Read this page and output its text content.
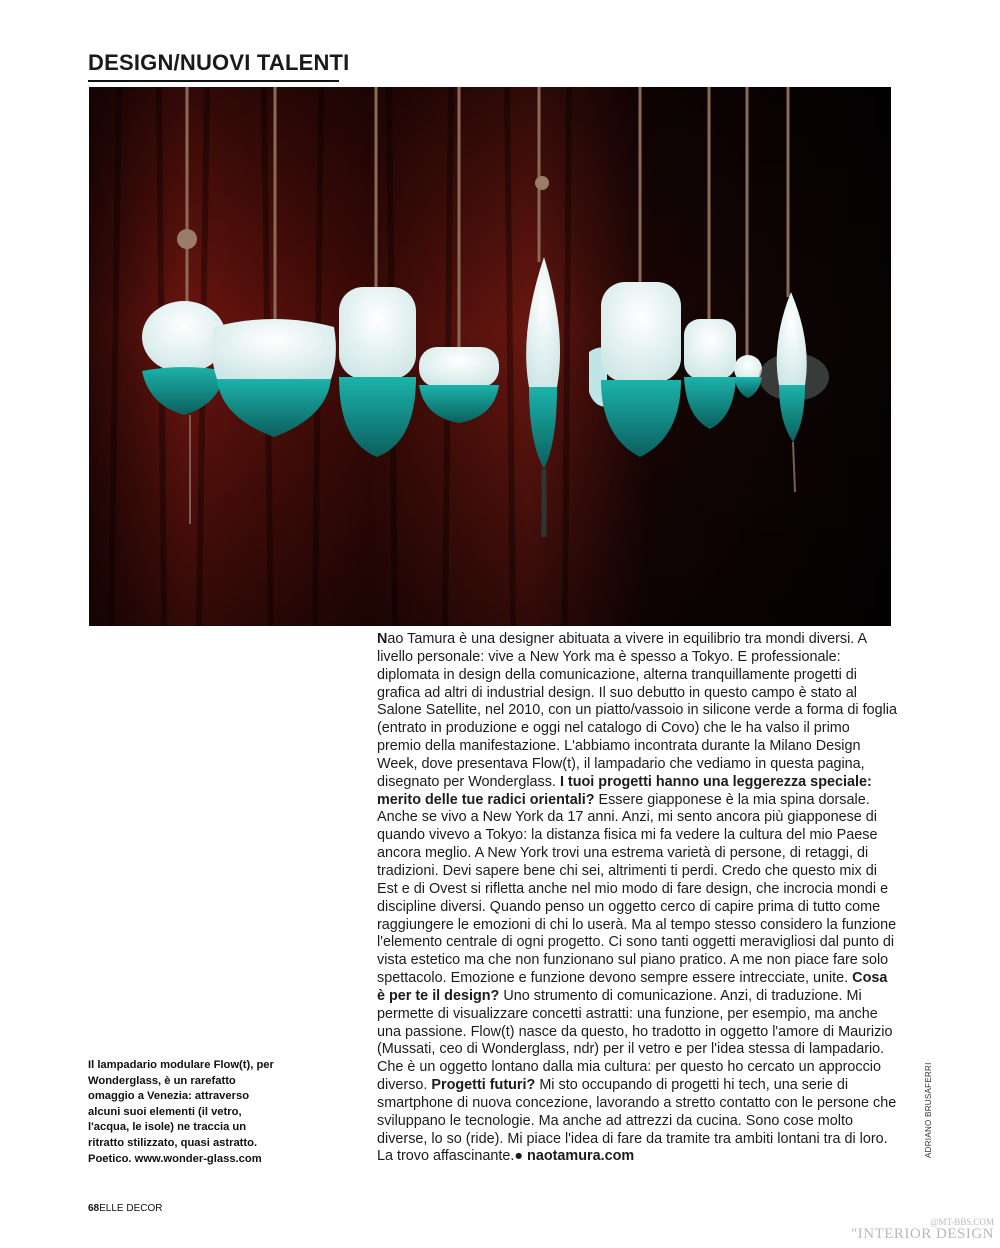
DESIGN/NUOVI TALENTI

Nao Tamura è una designer abituata a vivere in equilibrio tra mondi diversi. A livello personale: vive a New York ma è spesso a Tokyo. E professionale: diplomata in design della comunicazione, alterna tranquillamente progetti di grafica ad altri di industrial design. Il suo debutto in questo campo è stato al Salone Satellite, nel 2010, con un piatto/vassoio in silicone verde a forma di foglia (entrato in produzione e oggi nel catalogo di Covo) che le ha valso il primo premio della manifestazione. L'abbiamo incontrata durante la Milano Design Week, dove presentava Flow(t), il lampadario che vediamo in questa pagina, disegnato per Wonderglass. I tuoi progetti hanno una leggerezza speciale: merito delle tue radici orientali? Essere giapponese è la mia spina dorsale. Anche se vivo a New York da 17 anni. Anzi, mi sento ancora più giapponese di quando vivevo a Tokyo: la distanza fisica mi fa vedere la cultura del mio Paese ancora meglio. A New York trovi una estrema varietà di persone, di retaggi, di tradizioni. Devi sapere bene chi sei, altrimenti ti perdi. Credo che questo mix di Est e di Ovest si rifletta anche nel mio modo di fare design, che incrocia mondi e discipline diversi. Quando penso un oggetto cerco di capire prima di tutto come raggiungere le emozioni di chi lo userà. Ma al tempo stesso considero la funzione l'elemento centrale di ogni progetto. Ci sono tanti oggetti meravigliosi dal punto di vista estetico ma che non funzionano sul piano pratico. A me non piace fare solo spettacolo. Emozione e funzione devono sempre essere intrecciate, unite. Cosa è per te il design? Uno strumento di comunicazione. Anzi, di traduzione. Mi permette di visualizzare concetti astratti: una funzione, per esempio, ma anche una passione. Flow(t) nasce da questo, ho tradotto in oggetto l'amore di Maurizio (Mussati, ceo di Wonderglass, ndr) per il vetro e per l'idea stessa di lampadario. Che è un oggetto lontano dalla mia cultura: per questo ho cercato un approccio diverso. Progetti futuri? Mi sto occupando di progetti hi tech, una serie di smartphone di nuova concezione, lavorando a stretto contatto con le persone che sviluppano le tecnologie. Ma anche ad attrezzi da cucina. Sono cose molto diverse, lo so (ride). Mi piace l'idea di fare da tramite tra ambiti lontani tra di loro. La trovo affascinante.● naotamura.com

Il lampadario modulare Flow(t), per Wonderglass, è un rarefatto omaggio a Venezia: attraverso alcuni suoi elementi (il vetro, l'acqua, le isole) ne traccia un ritratto stilizzato, quasi astratto. Poetico. www.wonder-glass.com

ADRIANO BRUSAFERRI
68ELLE DECOR
@MT-BBS.COM
"INTERIOR DESIGN
